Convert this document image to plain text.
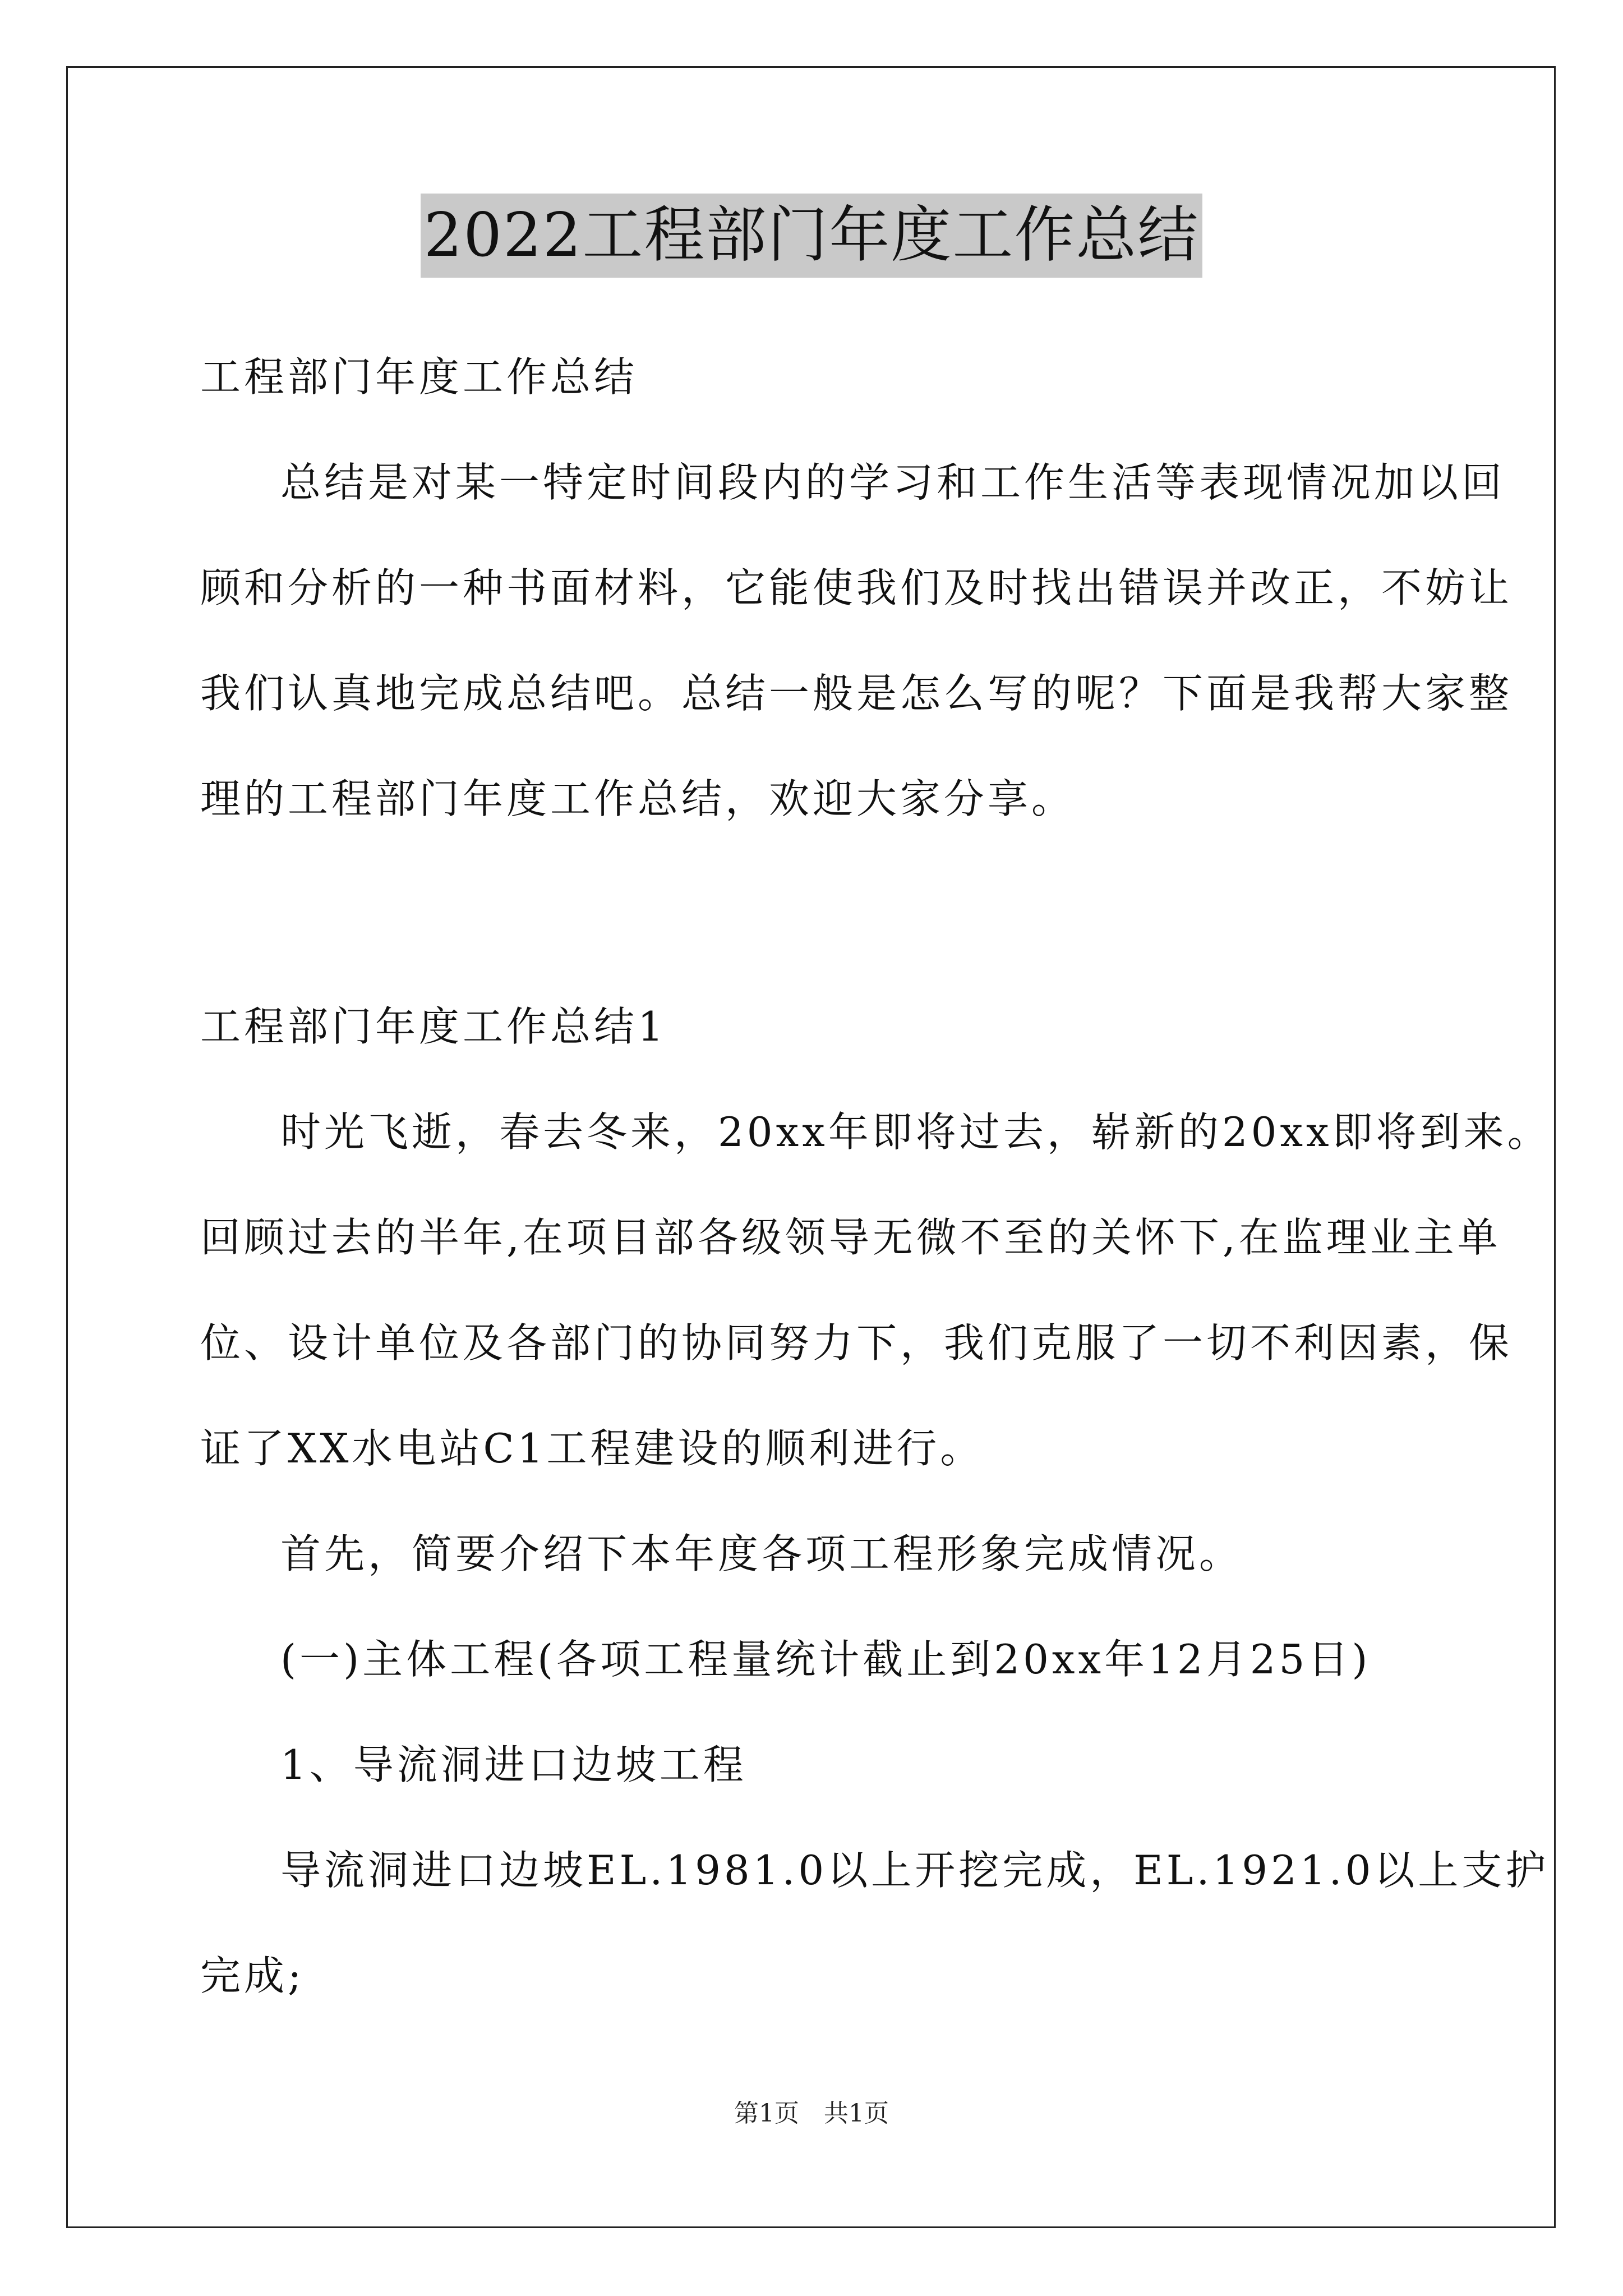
2022工程部门年度工作总结
工程部门年度工作总结
总结是对某一特定时间段内的学习和工作生活等表现情况加以回
顾和分析的一种书面材料，它能使我们及时找出错误并改正，不妨让
我们认真地完成总结吧。总结一般是怎么写的呢？下面是我帮大家整
理的工程部门年度工作总结，欢迎大家分享。
工程部门年度工作总结1
时光飞逝，春去冬来，20xx年即将过去，崭新的20xx即将到来。
回顾过去的半年,在项目部各级领导无微不至的关怀下,在监理业主单
位、设计单位及各部门的协同努力下，我们克服了一切不利因素，保
证了XX水电站C1工程建设的顺利进行。
首先，简要介绍下本年度各项工程形象完成情况。
(一)主体工程(各项工程量统计截止到20xx年12月25日)
1、导流洞进口边坡工程
导流洞进口边坡EL.1981.0以上开挖完成，EL.1921.0以上支护
完成;
第1页　共1页
